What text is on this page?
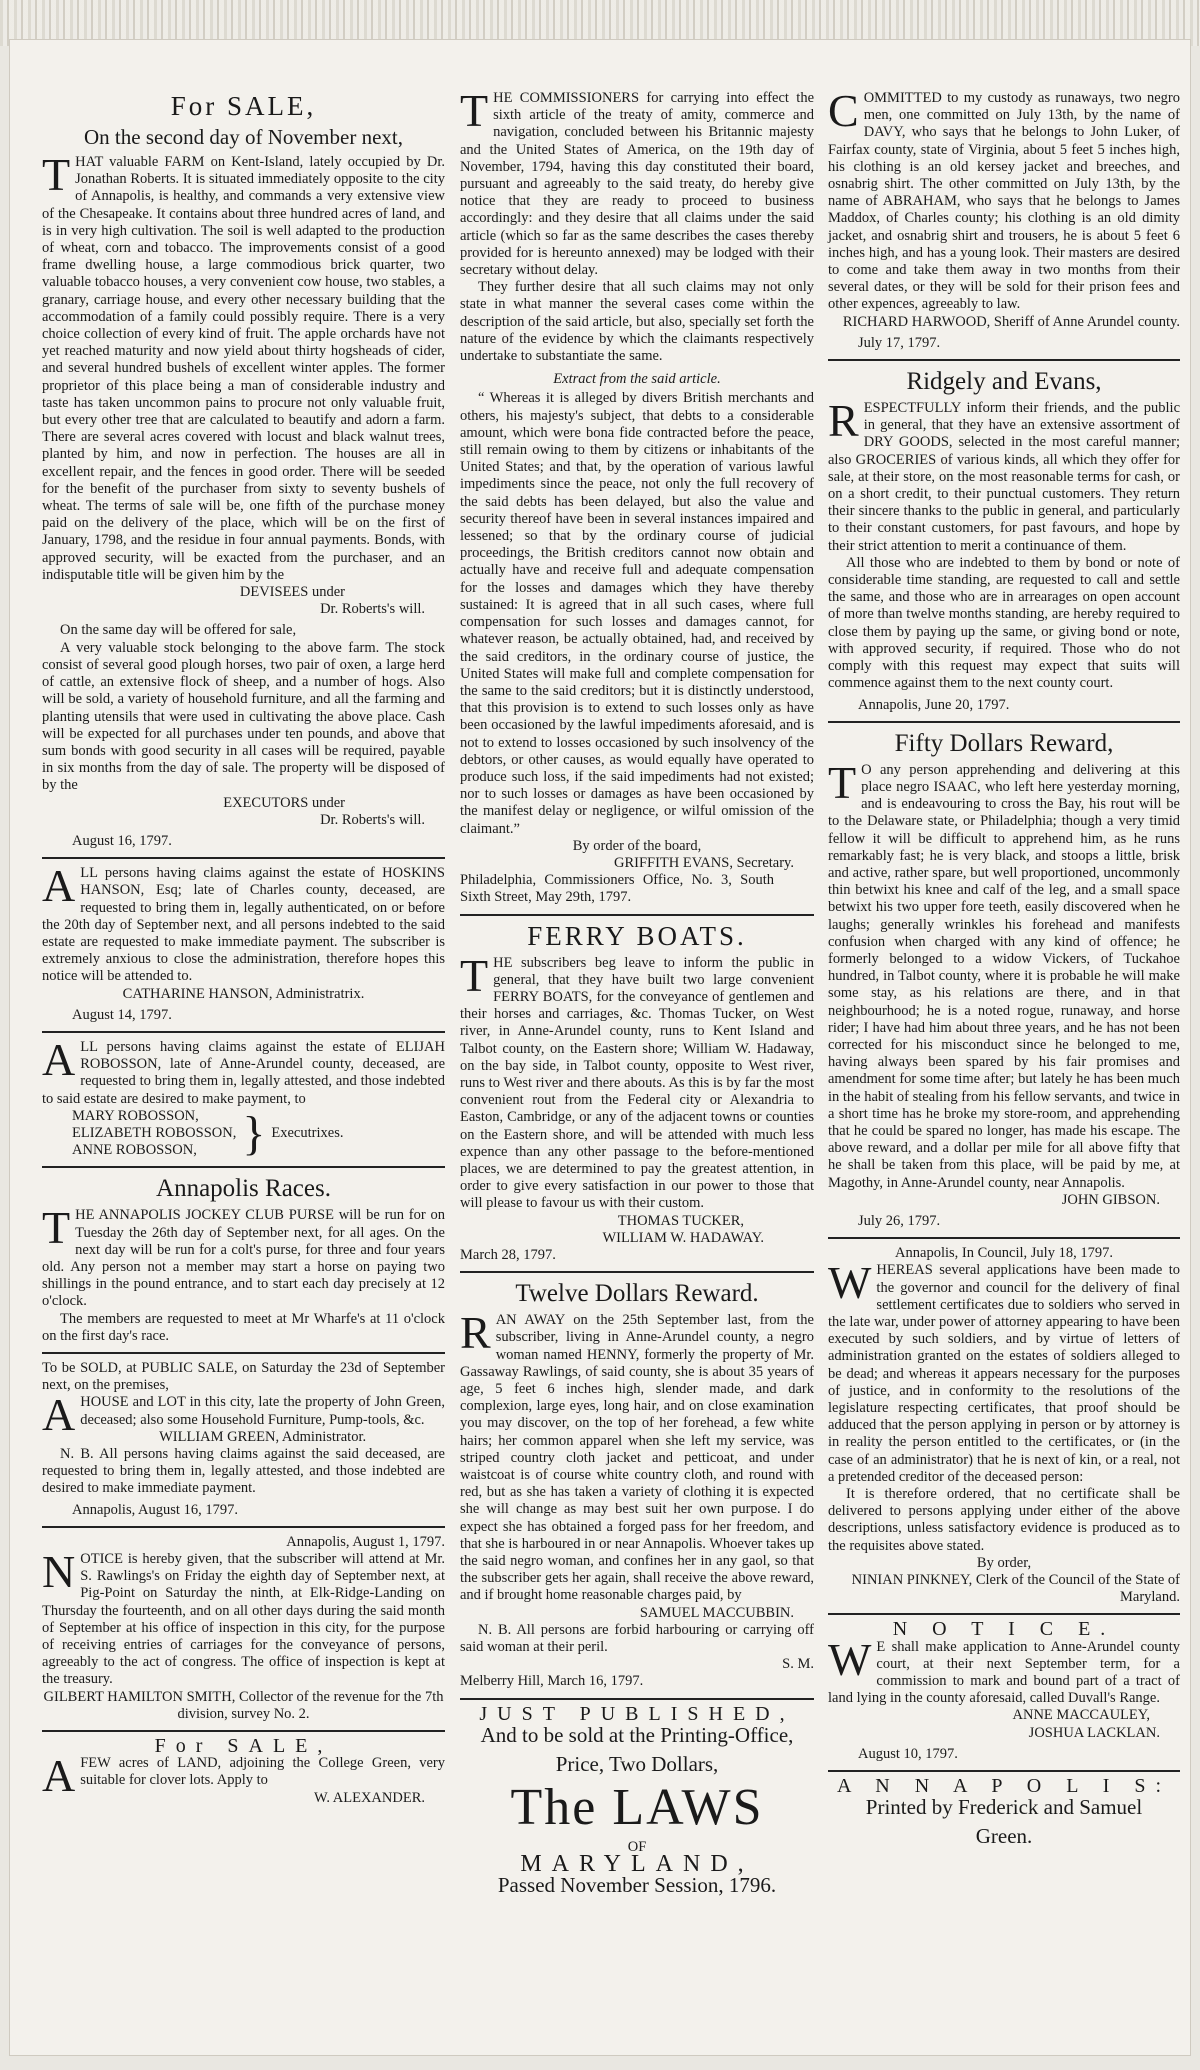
For SALE,
On the second day of November next,

THAT valuable FARM on Kent-Island, lately occupied by Dr. Jonathan Roberts. It is situated immediately opposite to the city of Annapolis, is healthy, and commands a very extensive view of the Chesapeake. It contains about three hundred acres of land, and is in very high cultivation. The soil is well adapted to the production of wheat, corn and tobacco. The improvements consist of a good frame dwelling house, a large commodious brick quarter, two valuable tobacco houses, a very convenient cow house, two stables, a granary, carriage house, and every other necessary building that the accommodation of a family could possibly require. There is a very choice collection of every kind of fruit. The apple orchards have not yet reached maturity and now yield about thirty hogsheads of cider, and several hundred bushels of excellent winter apples. The former proprietor of this place being a man of considerable industry and taste has taken uncommon pains to procure not only valuable fruit, but every other tree that are calculated to beautify and adorn a farm. There are several acres covered with locust and black walnut trees, planted by him, and now in perfection. The houses are all in excellent repair, and the fences in good order. There will be seeded for the benefit of the purchaser from sixty to seventy bushels of wheat. The terms of sale will be, one fifth of the purchase money paid on the delivery of the place, which will be on the first of January, 1798, and the residue in four annual payments. Bonds, with approved security, will be exacted from the purchaser, and an indisputable title will be given him by the

DEVISEES under

Dr. Roberts's will.

On the same day will be offered for sale,

A very valuable stock belonging to the above farm. The stock consist of several good plough horses, two pair of oxen, a large herd of cattle, an extensive flock of sheep, and a number of hogs. Also will be sold, a variety of household furniture, and all the farming and planting utensils that were used in cultivating the above place. Cash will be expected for all purchases under ten pounds, and above that sum bonds with good security in all cases will be required, payable in six months from the day of sale. The property will be disposed of by the

EXECUTORS under

Dr. Roberts's will.

August 16, 1797.

ALL persons having claims against the estate of HOSKINS HANSON, Esq; late of Charles county, deceased, are requested to bring them in, legally authenticated, on or before the 20th day of September next, and all persons indebted to the said estate are requested to make immediate payment. The subscriber is extremely anxious to close the administration, therefore hopes this notice will be attended to.

CATHARINE HANSON, Administratrix.

August 14, 1797.

ALL persons having claims against the estate of ELIJAH ROBOSSON, late of Anne-Arundel county, deceased, are requested to bring them in, legally attested, and those indebted to said estate are desired to make payment, to

MARY ROBOSSON,
ELIZABETH ROBOSSON,
ANNE ROBOSSON, } Executrixes.
Annapolis Races.

THE ANNAPOLIS JOCKEY CLUB PURSE will be run for on Tuesday the 26th day of September next, for all ages. On the next day will be run for a colt's purse, for three and four years old. Any person not a member may start a horse on paying two shillings in the pound entrance, and to start each day precisely at 12 o'clock.

The members are requested to meet at Mr Wharfe's at 11 o'clock on the first day's race.

To be SOLD, at PUBLIC SALE, on Saturday the 23d of September next, on the premises,

AHOUSE and LOT in this city, late the property of John Green, deceased; also some Household Furniture, Pump-tools, &c.

WILLIAM GREEN, Administrator.

N. B. All persons having claims against the said deceased, are requested to bring them in, legally attested, and those indebted are desired to make immediate payment.

Annapolis, August 16, 1797.

Annapolis, August 1, 1797.

NOTICE is hereby given, that the subscriber will attend at Mr. S. Rawlings's on Friday the eighth day of September next, at Pig-Point on Saturday the ninth, at Elk-Ridge-Landing on Thursday the fourteenth, and on all other days during the said month of September at his office of inspection in this city, for the purpose of receiving entries of carriages for the conveyance of persons, agreeably to the act of congress. The office of inspection is kept at the treasury.

GILBERT HAMILTON SMITH, Collector of the revenue for the 7th division, survey No. 2.

For SALE,

AFEW acres of LAND, adjoining the College Green, very suitable for clover lots. Apply to

W. ALEXANDER.

THE COMMISSIONERS for carrying into effect the sixth article of the treaty of amity, commerce and navigation, concluded between his Britannic majesty and the United States of America, on the 19th day of November, 1794, having this day constituted their board, pursuant and agreeably to the said treaty, do hereby give notice that they are ready to proceed to business accordingly: and they desire that all claims under the said article (which so far as the same describes the cases thereby provided for is hereunto annexed) may be lodged with their secretary without delay.

They further desire that all such claims may not only state in what manner the several cases come within the description of the said article, but also, specially set forth the nature of the evidence by which the claimants respectively undertake to substantiate the same.

Extract from the said article.

“ Whereas it is alleged by divers British merchants and others, his majesty's subject, that debts to a considerable amount, which were bona fide contracted before the peace, still remain owing to them by citizens or inhabitants of the United States; and that, by the operation of various lawful impediments since the peace, not only the full recovery of the said debts has been delayed, but also the value and security thereof have been in several instances impaired and lessened; so that by the ordinary course of judicial proceedings, the British creditors cannot now obtain and actually have and receive full and adequate compensation for the losses and damages which they have thereby sustained: It is agreed that in all such cases, where full compensation for such losses and damages cannot, for whatever reason, be actually obtained, had, and received by the said creditors, in the ordinary course of justice, the United States will make full and complete compensation for the same to the said creditors; but it is distinctly understood, that this provision is to extend to such losses only as have been occasioned by the lawful impediments aforesaid, and is not to extend to losses occasioned by such insolvency of the debtors, or other causes, as would equally have operated to produce such loss, if the said impediments had not existed; nor to such losses or damages as have been occasioned by the manifest delay or negligence, or wilful omission of the claimant.”

By order of the board,

GRIFFITH EVANS, Secretary.

Philadelphia, Commissioners Office, No. 3, South Sixth Street, May 29th, 1797.

FERRY BOATS.

THE subscribers beg leave to inform the public in general, that they have built two large convenient FERRY BOATS, for the conveyance of gentlemen and their horses and carriages, &c. Thomas Tucker, on West river, in Anne-Arundel county, runs to Kent Island and Talbot county, on the Eastern shore; William W. Hadaway, on the bay side, in Talbot county, opposite to West river, runs to West river and there abouts. As this is by far the most convenient rout from the Federal city or Alexandria to Easton, Cambridge, or any of the adjacent towns or counties on the Eastern shore, and will be attended with much less expence than any other passage to the before-mentioned places, we are determined to pay the greatest attention, in order to give every satisfaction in our power to those that will please to favour us with their custom.

THOMAS TUCKER,

WILLIAM W. HADAWAY.

March 28, 1797.

Twelve Dollars Reward.

RAN AWAY on the 25th September last, from the subscriber, living in Anne-Arundel county, a negro woman named HENNY, formerly the property of Mr. Gassaway Rawlings, of said county, she is about 35 years of age, 5 feet 6 inches high, slender made, and dark complexion, large eyes, long hair, and on close examination you may discover, on the top of her forehead, a few white hairs; her common apparel when she left my service, was striped country cloth jacket and petticoat, and under waistcoat is of course white country cloth, and round with red, but as she has taken a variety of clothing it is expected she will change as may best suit her own purpose. I do expect she has obtained a forged pass for her freedom, and that she is harboured in or near Annapolis. Whoever takes up the said negro woman, and confines her in any gaol, so that the subscriber gets her again, shall receive the above reward, and if brought home reasonable charges paid, by

SAMUEL MACCUBBIN.

N. B. All persons are forbid harbouring or carrying off said woman at their peril.

S. M.

Melberry Hill, March 16, 1797.

JUST PUBLISHED,
And to be sold at the Printing-Office,
Price, Two Dollars,
The LAWS
OF
MARYLAND,
Passed November Session, 1796.

COMMITTED to my custody as runaways, two negro men, one committed on July 13th, by the name of DAVY, who says that he belongs to John Luker, of Fairfax county, state of Virginia, about 5 feet 5 inches high, his clothing is an old kersey jacket and breeches, and osnabrig shirt. The other committed on July 13th, by the name of ABRAHAM, who says that he belongs to James Maddox, of Charles county; his clothing is an old dimity jacket, and osnabrig shirt and trousers, he is about 5 feet 6 inches high, and has a young look. Their masters are desired to come and take them away in two months from their several dates, or they will be sold for their prison fees and other expences, agreeably to law.

RICHARD HARWOOD, Sheriff of Anne Arundel county.

July 17, 1797.

Ridgely and Evans,

RESPECTFULLY inform their friends, and the public in general, that they have an extensive assortment of DRY GOODS, selected in the most careful manner; also GROCERIES of various kinds, all which they offer for sale, at their store, on the most reasonable terms for cash, or on a short credit, to their punctual customers. They return their sincere thanks to the public in general, and particularly to their constant customers, for past favours, and hope by their strict attention to merit a continuance of them.

All those who are indebted to them by bond or note of considerable time standing, are requested to call and settle the same, and those who are in arrearages on open account of more than twelve months standing, are hereby required to close them by paying up the same, or giving bond or note, with approved security, if required. Those who do not comply with this request may expect that suits will commence against them to the next county court.

Annapolis, June 20, 1797.

Fifty Dollars Reward,

TO any person apprehending and delivering at this place negro ISAAC, who left here yesterday morning, and is endeavouring to cross the Bay, his rout will be to the Delaware state, or Philadelphia; though a very timid fellow it will be difficult to apprehend him, as he runs remarkably fast; he is very black, and stoops a little, brisk and active, rather spare, but well proportioned, uncommonly thin betwixt his knee and calf of the leg, and a small space betwixt his two upper fore teeth, easily discovered when he laughs; generally wrinkles his forehead and manifests confusion when charged with any kind of offence; he formerly belonged to a widow Vickers, of Tuckahoe hundred, in Talbot county, where it is probable he will make some stay, as his relations are there, and in that neighbourhood; he is a noted rogue, runaway, and horse rider; I have had him about three years, and he has not been corrected for his misconduct since he belonged to me, having always been spared by his fair promises and amendment for some time after; but lately he has been much in the habit of stealing from his fellow servants, and twice in a short time has he broke my store-room, and apprehending that he could be spared no longer, has made his escape. The above reward, and a dollar per mile for all above fifty that he shall be taken from this place, will be paid by me, at Magothy, in Anne-Arundel county, near Annapolis.

JOHN GIBSON.

July 26, 1797.

Annapolis, In Council, July 18, 1797.

WHEREAS several applications have been made to the governor and council for the delivery of final settlement certificates due to soldiers who served in the late war, under power of attorney appearing to have been executed by such soldiers, and by virtue of letters of administration granted on the estates of soldiers alleged to be dead; and whereas it appears necessary for the purposes of justice, and in conformity to the resolutions of the legislature respecting certificates, that proof should be adduced that the person applying in person or by attorney is in reality the person entitled to the certificates, or (in the case of an administrator) that he is next of kin, or a real, not a pretended creditor of the deceased person:

It is therefore ordered, that no certificate shall be delivered to persons applying under either of the above descriptions, unless satisfactory evidence is produced as to the requisites above stated.

By order,

NINIAN PINKNEY, Clerk of the Council of the State of Maryland.

N O T I C E.

WE shall make application to Anne-Arundel county court, at their next September term, for a commission to mark and bound part of a tract of land lying in the county aforesaid, called Duvall's Range.

ANNE MACCAULEY,

JOSHUA LACKLAN.

August 10, 1797.

A N N A P O L I S:
Printed by Frederick and Samuel
Green.
